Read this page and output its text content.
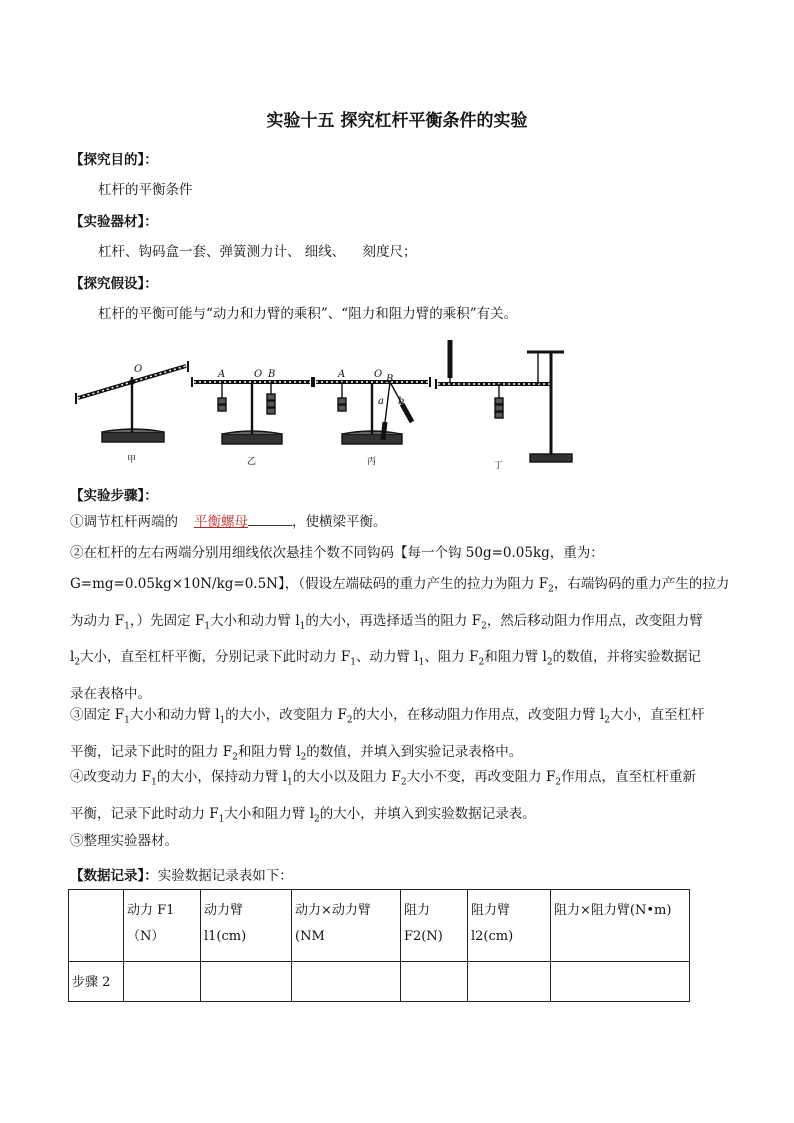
实验十五 探究杠杆平衡条件的实验
【探究目的】：
杠杆的平衡条件
【实验器材】：
杠杆、钩码盒一套、弹簧测力计、 细线、    刻度尺；
【探究假设】：
杠杆的平衡可能与“动力和力臂的乘积”、“阻力和阻力臂的乘积”有关。
O	A	O B	A	O B
a b
甲	乙	丙	丁
【实验步骤】：
①调节杠杆两端的 平衡螺母	，使横梁平衡。
②在杠杆的左右两端分别用细线依次悬挂个数不同钩码【每一个钩 50g=0.05kg，重为：
G=mg=0.05kg×10N/kg=0.5N】，（假设左端砝码的重力产生的拉力为阻力 $F_2$，右端钩码的重力产生的拉力
为动力 $F_1$，）先固定 $F_1$大小和动力臂 $l_1$的大小，再选择适当的阻力 $F_2$，然后移动阻力作用点，改变阻力臂
$l_2$大小，直至杠杆平衡，分别记录下此时动力 $F_1$、动力臂 $l_1$、阻力 $F_2$和阻力臂 $l_2$的数值，并将实验数据记
录在表格中。
③固定 $F_1$大小和动力臂 $l_1$的大小，改变阻力 $F_2$的大小，在移动阻力作用点，改变阻力臂 $l_2$大小，直至杠杆
平衡，记录下此时的阻力 $F_2$和阻力臂 $l_2$的数值，并填入到实验记录表格中。
④改变动力 $F_1$的大小，保持动力臂 $l_1$的大小以及阻力 $F_2$大小不变，再改变阻力 $F_2$作用点，直至杠杆重新
平衡，记录下此时动力 $F_1$大小和阻力臂 $l_2$的大小，并填入到实验数据记录表。
⑤整理实验器材。
【数据记录】：实验数据记录表如下：
	动力 F1（N）	动力臂 l1(cm)	动力×动力臂(NM	阻力F2(N)	阻力臂 l2(cm)	阻力×阻力臂(N•m)
步骤 2						
